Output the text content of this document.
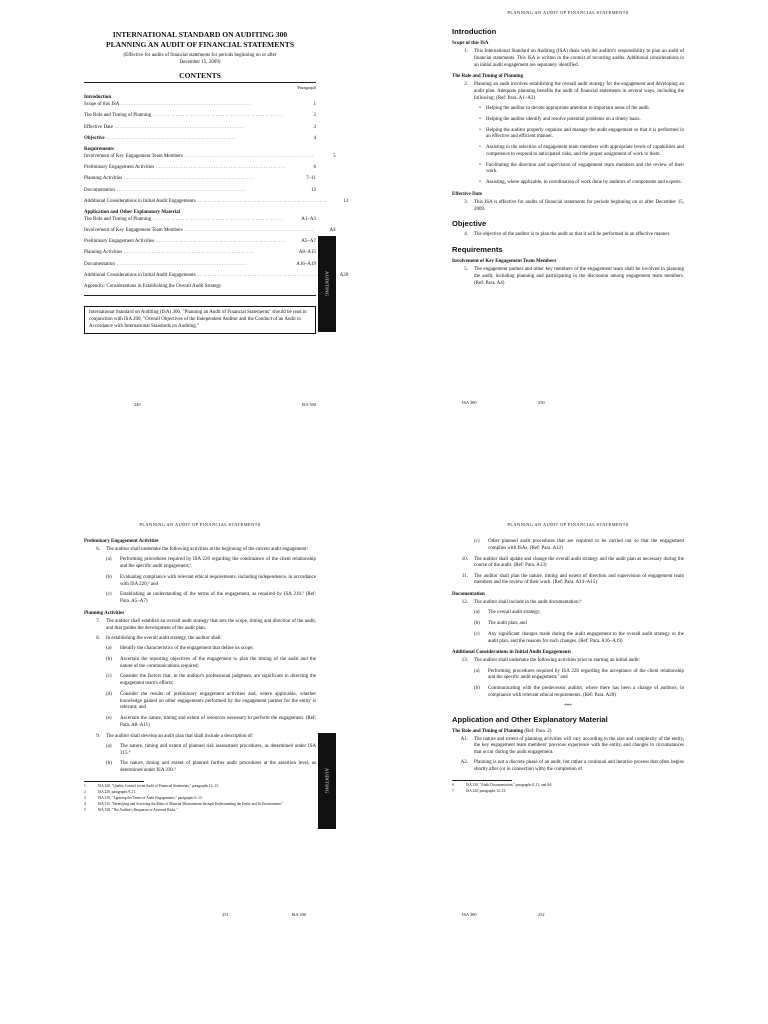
INTERNATIONAL STANDARD ON AUDITING 300
PLANNING AN AUDIT OF FINANCIAL STATEMENTS
(Effective for audits of financial statements for periods beginning on or after December 15, 2009)
CONTENTS
Paragraph
Introduction
Scope of this ISA . . .	1
The Role and Timing of Planning . . .	2
Effective Date . . .	3
Objective . . .	4
Requirements
Involvement of Key Engagement Team Members . . .	5
Preliminary Engagement Activities . . .	6
Planning Activities . . .	7–11
Documentation . . .	12
Additional Considerations in Initial Audit Engagements . . .	13
Application and Other Explanatory Material
The Role and Timing of Planning . . .	A1–A3
Involvement of Key Engagement Team Members . . .	A4
Preliminary Engagement Activities . . .	A5–A7
Planning Activities . . .	A8–A15
Documentation . . .	A16–A19
Additional Considerations in Initial Audit Engagements . . .	A20
Appendix: Considerations in Establishing the Overall Audit Strategy
International Standard on Auditing (ISA) 300, "Planning an Audit of Financial Statements" should be read in conjunction with ISA 200, "Overall Objectives of the Independent Auditor and the Conduct of an Audit in Accordance with International Standards on Auditing."
249	ISA 300
AUDITING
PLANNING AN AUDIT OF FINANCIAL STATEMENTS
Introduction
Scope of this ISA
1.	This International Standard on Auditing (ISA) deals with the auditor's responsibility to plan an audit of financial statements. This ISA is written in the context of recurring audits. Additional considerations in an initial audit engagement are separately identified.
The Role and Timing of Planning
2.	Planning an audit involves establishing the overall audit strategy for the engagement and developing an audit plan. Adequate planning benefits the audit of financial statements in several ways, including the following: (Ref: Para. A1–A3)
•	Helping the auditor to devote appropriate attention to important areas of the audit.
•	Helping the auditor identify and resolve potential problems on a timely basis.
•	Helping the auditor properly organize and manage the audit engagement so that it is performed in an effective and efficient manner.
•	Assisting in the selection of engagement team members with appropriate levels of capabilities and competence to respond to anticipated risks, and the proper assignment of work to them.
•	Facilitating the direction and supervision of engagement team members and the review of their work.
•	Assisting, where applicable, in coordination of work done by auditors of components and experts.
Effective Date
3.	This ISA is effective for audits of financial statements for periods beginning on or after December 15, 2009.
Objective
4.	The objective of the auditor is to plan the audit so that it will be performed in an effective manner.
Requirements
Involvement of Key Engagement Team Members
5.	The engagement partner and other key members of the engagement team shall be involved in planning the audit, including planning and participating in the discussion among engagement team members. (Ref: Para. A4)
ISA 300	250
PLANNING AN AUDIT OF FINANCIAL STATEMENTS
Preliminary Engagement Activities
6.	The auditor shall undertake the following activities at the beginning of the current audit engagement:
(a)	Performing procedures required by ISA 220 regarding the continuance of the client relationship and the specific audit engagement;¹
(b)	Evaluating compliance with relevant ethical requirements, including independence, in accordance with ISA 220;² and
(c)	Establishing an understanding of the terms of the engagement, as required by ISA 210.³ (Ref: Para. A5–A7)
Planning Activities
7.	The auditor shall establish an overall audit strategy that sets the scope, timing and direction of the audit, and that guides the development of the audit plan.
8.	In establishing the overall audit strategy, the auditor shall:
(a)	Identify the characteristics of the engagement that define its scope;
(b)	Ascertain the reporting objectives of the engagement to plan the timing of the audit and the nature of the communications required;
(c)	Consider the factors that, in the auditor's professional judgment, are significant in directing the engagement team's efforts;
(d)	Consider the results of preliminary engagement activities and, where applicable, whether knowledge gained on other engagements performed by the engagement partner for the entity is relevant; and
(e)	Ascertain the nature, timing and extent of resources necessary to perform the engagement. (Ref: Para. A8–A11)
9.	The auditor shall develop an audit plan that shall include a description of:
(a)	The nature, timing and extent of planned risk assessment procedures, as determined under ISA 315.⁴
(b)	The nature, timing and extent of planned further audit procedures at the assertion level, as determined under ISA 330.⁵
1	ISA 220, "Quality Control for an Audit of Financial Statements," paragraphs 12–13.
2	ISA 220, paragraphs 9–11.
3	ISA 210, "Agreeing the Terms of Audit Engagements," paragraphs 9–13.
4	ISA 315, "Identifying and Assessing the Risks of Material Misstatement through Understanding the Entity and Its Environment."
5	ISA 330, "The Auditor's Responses to Assessed Risks."
251	ISA 300
AUDITING
PLANNING AN AUDIT OF FINANCIAL STATEMENTS
(c)	Other planned audit procedures that are required to be carried out so that the engagement complies with ISAs. (Ref: Para. A12)
10.	The auditor shall update and change the overall audit strategy and the audit plan as necessary during the course of the audit. (Ref: Para. A13)
11.	The auditor shall plan the nature, timing and extent of direction and supervision of engagement team members and the review of their work. (Ref: Para. A14–A15)
Documentation
12.	The auditor shall include in the audit documentation:⁶
(a)	The overall audit strategy;
(b)	The audit plan; and
(c)	Any significant changes made during the audit engagement to the overall audit strategy or the audit plan, and the reasons for such changes. (Ref: Para. A16–A19)
Additional Considerations in Initial Audit Engagements
13.	The auditor shall undertake the following activities prior to starting an initial audit:
(a)	Performing procedures required by ISA 220 regarding the acceptance of the client relationship and the specific audit engagement;⁷ and
(b)	Communicating with the predecessor auditor, where there has been a change of auditors, in compliance with relevant ethical requirements. (Ref: Para. A20)
***
Application and Other Explanatory Material
The Role and Timing of Planning (Ref: Para. 2)
A1.	The nature and extent of planning activities will vary according to the size and complexity of the entity, the key engagement team members' previous experience with the entity, and changes in circumstances that occur during the audit engagement.
A2.	Planning is not a discrete phase of an audit, but rather a continual and iterative process that often begins shortly after (or in connection with) the completion of
6	ISA 230, "Audit Documentation," paragraphs 8–11, and A6.
7	ISA 220, paragraphs 12–13.
ISA 300	252
